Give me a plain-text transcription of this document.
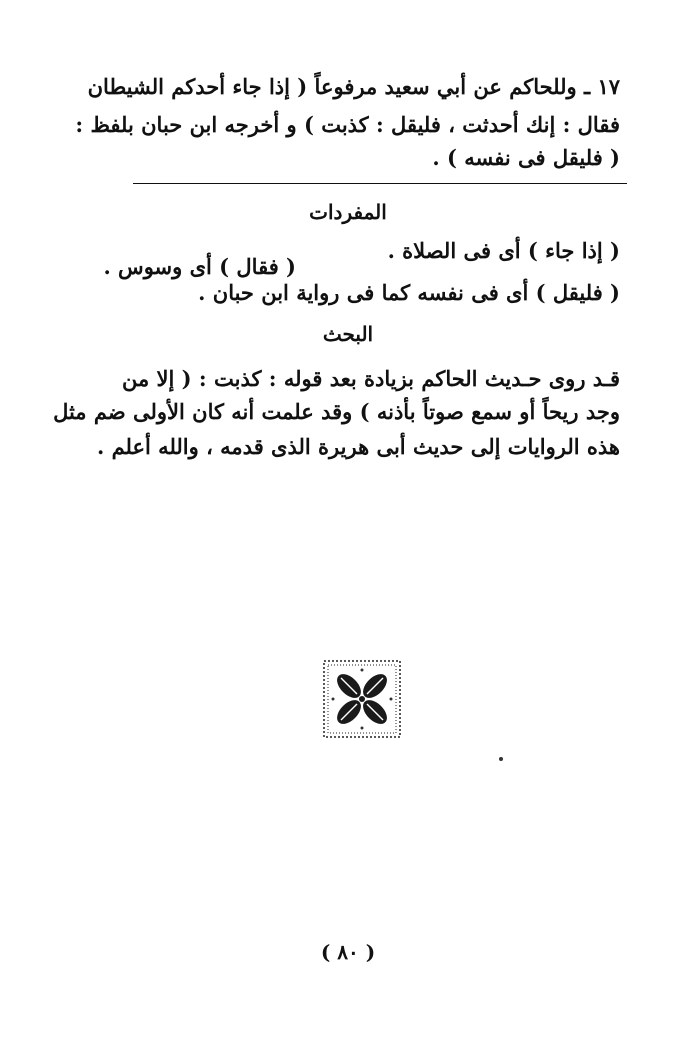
١٧ ـ وللحاكم عن أبي سعيد مرفوعاً ( إذا جاء أحدكم الشيطان
فقال : إنك أحدثت ، فليقل : كذبت ) و أخرجه ابن حبان بلفظ :
( فليقل فى نفسه ) .
المفردات
( إذا جاء ) أى فى الصلاة .
( فقال ) أى وسوس .
( فليقل ) أى فى نفسه كما فى رواية ابن حبان .
البحث
قـد روى حـديث الحاكم بزيادة بعد قوله : كذبت : ( إلا من
وجد ريحاً أو سمع صوتاً بأذنه ) وقد علمت أنه كان الأولى ضم مثل
هذه الروايات إلى حديث أبى هريرة الذى قدمه ، والله أعلم .
( ٨٠ )
